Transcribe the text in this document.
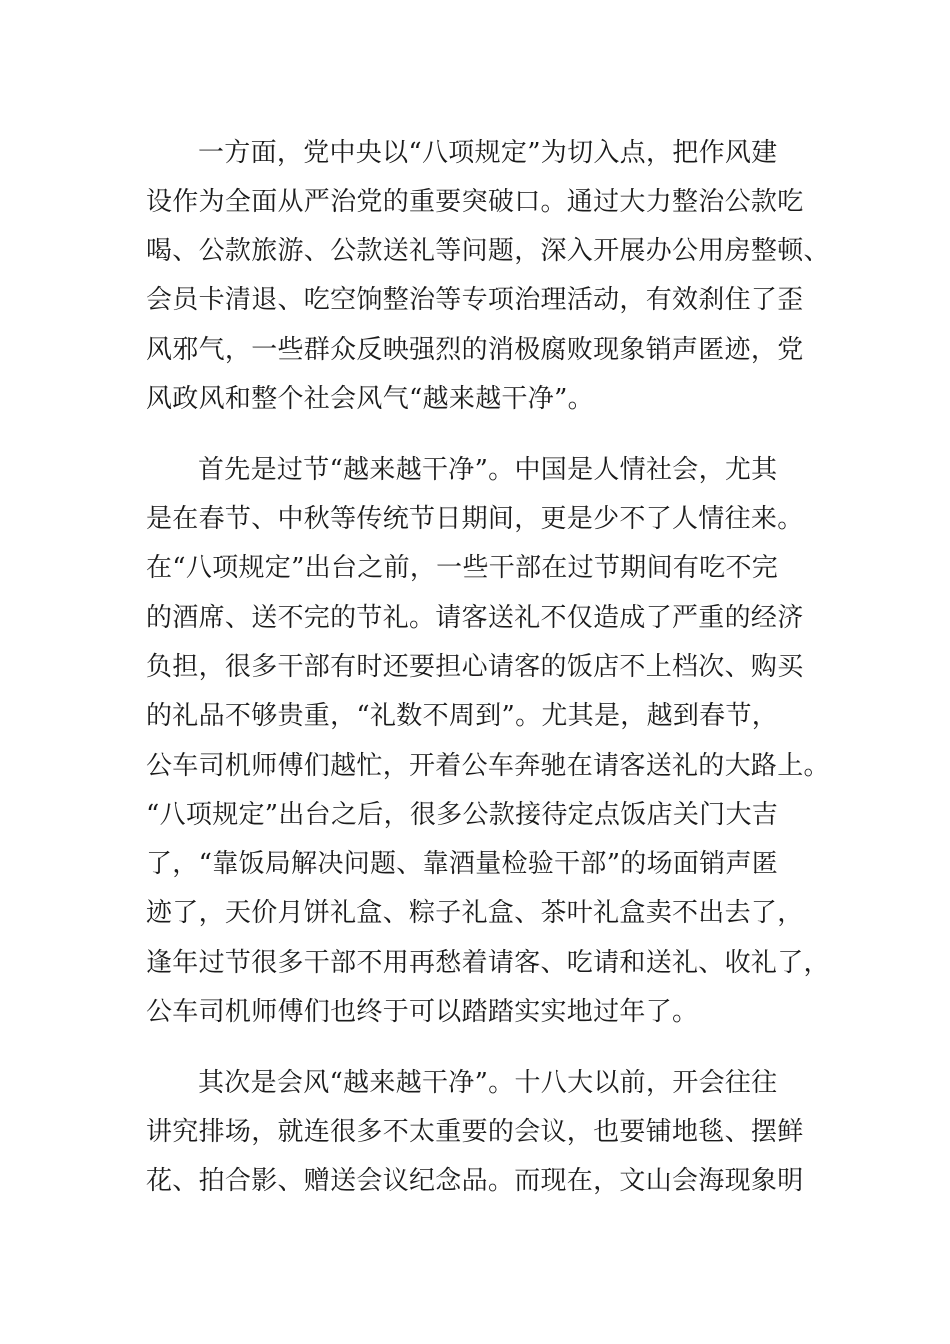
一方面，党中央以“八项规定”为切入点，把作风建

设作为全面从严治党的重要突破口。通过大力整治公款吃

喝、公款旅游、公款送礼等问题，深入开展办公用房整顿、

会员卡清退、吃空饷整治等专项治理活动，有效刹住了歪

风邪气，一些群众反映强烈的消极腐败现象销声匿迹，党

风政风和整个社会风气“越来越干净”。

首先是过节“越来越干净”。中国是人情社会，尤其

是在春节、中秋等传统节日期间，更是少不了人情往来。

在“八项规定”出台之前，一些干部在过节期间有吃不完

的酒席、送不完的节礼。请客送礼不仅造成了严重的经济

负担，很多干部有时还要担心请客的饭店不上档次、购买

的礼品不够贵重，“礼数不周到”。尤其是，越到春节，

公车司机师傅们越忙，开着公车奔驰在请客送礼的大路上。

“八项规定”出台之后，很多公款接待定点饭店关门大吉

了，“靠饭局解决问题、靠酒量检验干部”的场面销声匿

迹了，天价月饼礼盒、粽子礼盒、茶叶礼盒卖不出去了，

逢年过节很多干部不用再愁着请客、吃请和送礼、收礼了，

公车司机师傅们也终于可以踏踏实实地过年了。

其次是会风“越来越干净”。十八大以前，开会往往

讲究排场，就连很多不太重要的会议，也要铺地毯、摆鲜

花、拍合影、赠送会议纪念品。而现在，文山会海现象明
